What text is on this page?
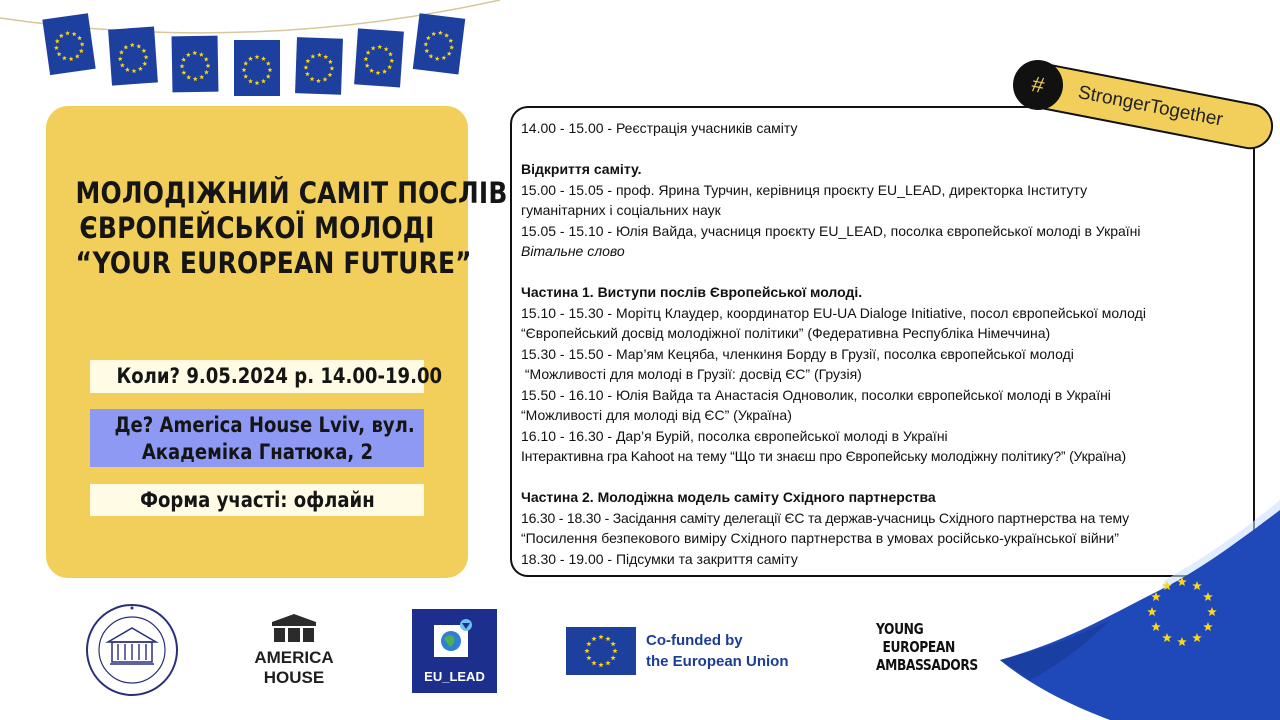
МОЛОДІЖНИЙ САМІТ ПОСЛІВ
ЄВРОПЕЙСЬКОЇ МОЛОДІ
“YOUR EUROPEAN FUTURE”
Коли? 9.05.2024 р. 14.00-19.00
Де? America House Lviv, вул.
Академіка Гнатюка, 2
Форма участі: офлайн
14.00 - 15.00 - Реєстрація учасників саміту
Відкриття саміту.
15.00 - 15.05 - проф. Ярина Турчин, керівниця проєкту EU_LEAD, директорка Інституту
гуманітарних і соціальних наук
15.05 - 15.10 - Юлія Вайда, учасниця проєкту EU_LEAD, посолка європейської молоді в Україні
Вітальне слово
Частина 1. Виступи послів Європейської молоді.
15.10 - 15.30 - Морітц Клаудер, координатор EU-UA Dialoge Initiative, посол європейської молоді
“Європейський досвід молодіжної політики” (Федеративна Республіка Німеччина)
15.30 - 15.50 - Мар’ям Кецяба, членкиня Борду в Грузії, посолка європейської молоді
“Можливості для молоді в Грузії: досвід ЄС” (Грузія)
15.50 - 16.10 - Юлія Вайда та Анастасія Одноволик, посолки європейської молоді в Україні
“Можливості для молоді від ЄС” (Україна)
16.10 - 16.30 - Дар’я Бурій, посолка європейської молоді в Україні
Інтерактивна гра Kahoot на тему “Що ти знаєш про Європейську молодіжну політику?” (Україна)
Частина 2. Молодіжна модель саміту Східного партнерства
16.30 - 18.30 - Засідання саміту делегації ЄС та держав-учасниць Східного партнерства на тему
“Посилення безпекового виміру Східного партнерства в умовах російсько-української війни”
18.30 - 19.00 - Підсумки та закриття саміту
#	StrongerTogether
AMERICA
HOUSE	EU_LEAD
Co-funded by
the European Union
YOUNG
EUROPEAN
AMBASSADORS
